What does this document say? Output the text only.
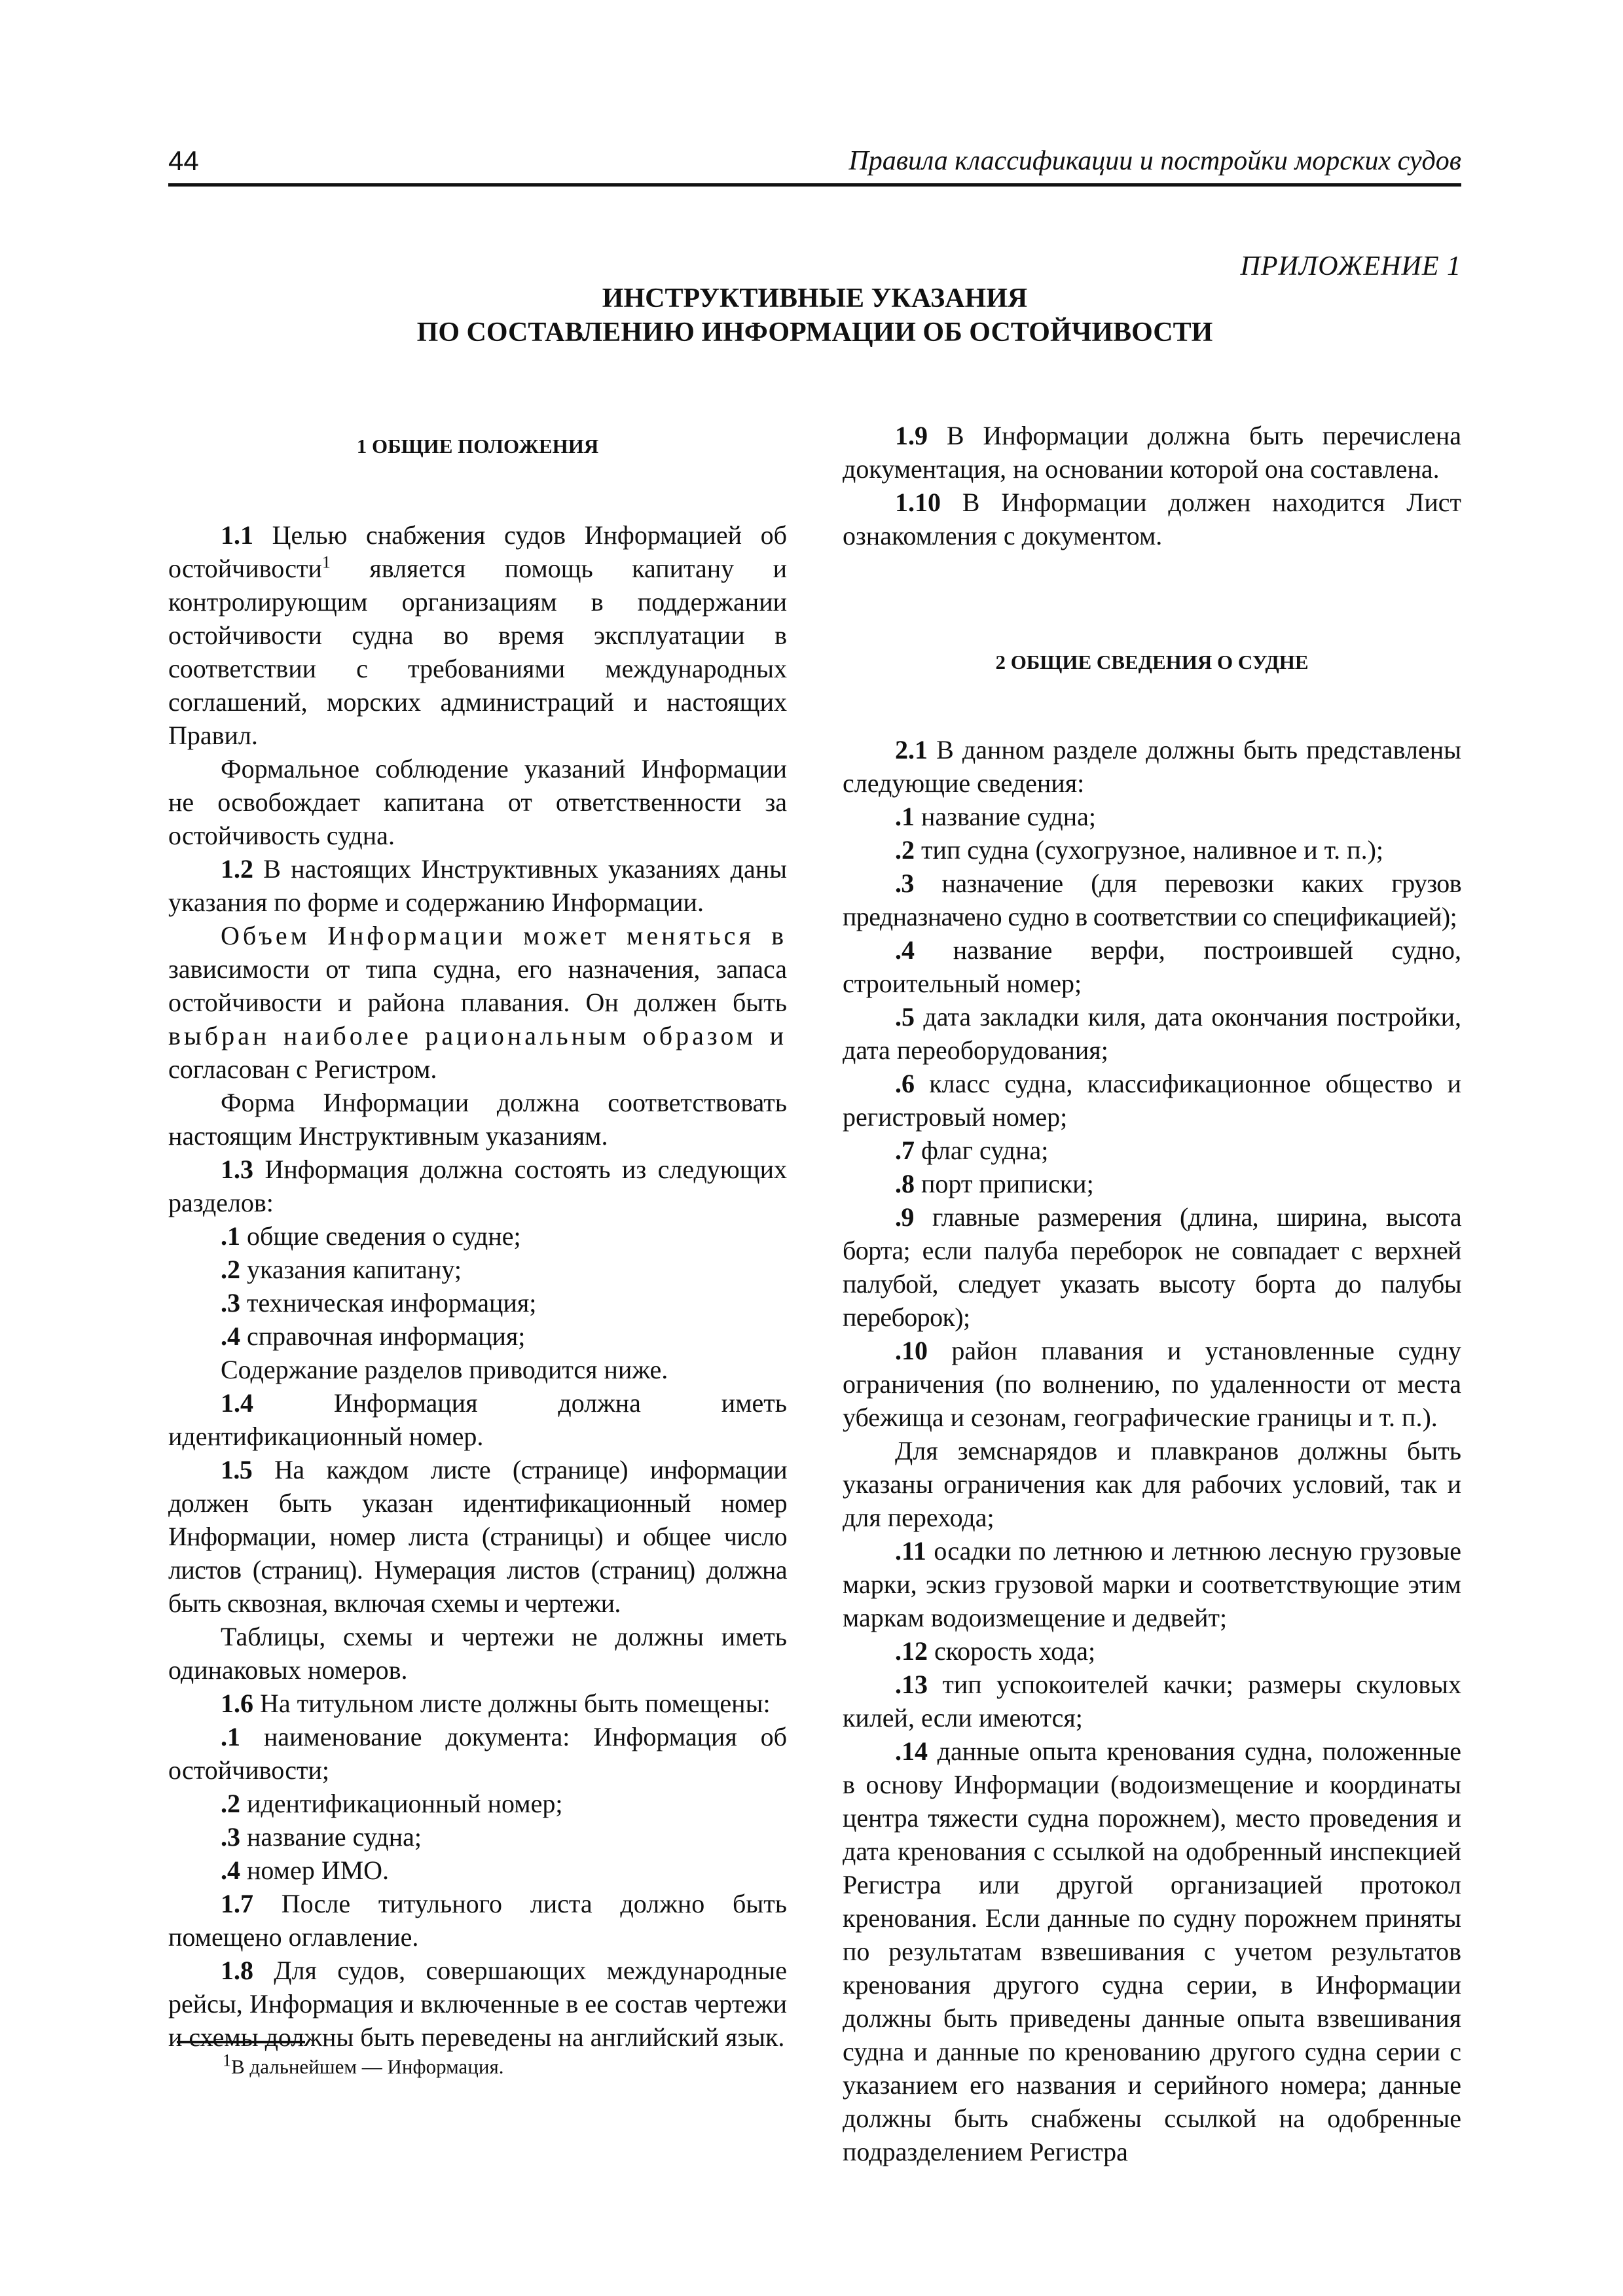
44	Правила классификации и постройки морских судов
ПРИЛОЖЕНИЕ 1
ИНСТРУКТИВНЫЕ УКАЗАНИЯ
ПО СОСТАВЛЕНИЮ ИНФОРМАЦИИ ОБ ОСТОЙЧИВОСТИ
1 ОБЩИЕ ПОЛОЖЕНИЯ

1.1 Целью снабжения судов Информацией об остойчивости$^1$ является помощь капитану и контролирующим организациям в поддержании остойчивости судна во время эксплуатации в соответствии с требованиями международных соглашений, морских администраций и настоящих Правил.

Формальное соблюдение указаний Информации не освобождает капитана от ответственности за остойчивость судна.

1.2 В настоящих Инструктивных указаниях даны указания по форме и содержанию Информации.

Объем Информации может меняться в зависимости от типа судна, его назначения, запаса остойчивости и района плавания. Он должен быть выбран наиболее рациональным образом и согласован с Регистром.

Форма Информации должна соответствовать настоящим Инструктивным указаниям.

1.3 Информация должна состоять из следующих разделов:

.1 общие сведения о судне;

.2 указания капитану;

.3 техническая информация;

.4 справочная информация;

Содержание разделов приводится ниже.

1.4 Информация должна иметь идентификационный номер.

1.5 На каждом листе (странице) информации должен быть указан идентификационный номер Информации, номер листа (страницы) и общее число листов (страниц). Нумерация листов (страниц) должна быть сквозная, включая схемы и чертежи.

Таблицы, схемы и чертежи не должны иметь одинаковых номеров.

1.6 На титульном листе должны быть помещены:

.1 наименование документа: Информация об остойчивости;

.2 идентификационный номер;

.3 название судна;

.4 номер ИМО.

1.7 После титульного листа должно быть помещено оглавление.

1.8 Для судов, совершающих международные рейсы, Информация и включенные в ее состав чертежи и схемы должны быть переведены на английский язык.

$^1$В дальнейшем — Информация.

1.9 В Информации должна быть перечислена документация, на основании которой она составлена.

1.10 В Информации должен находится Лист ознакомления с документом.

2 ОБЩИЕ СВЕДЕНИЯ О СУДНЕ

2.1 В данном разделе должны быть представлены следующие сведения:

.1 название судна;

.2 тип судна (сухогрузное, наливное и т. п.);

.3 назначение (для перевозки каких грузов предназначено судно в соответствии со спецификацией);

.4 название верфи, построившей судно, строительный номер;

.5 дата закладки киля, дата окончания постройки, дата переоборудования;

.6 класс судна, классификационное общество и регистровый номер;

.7 флаг судна;

.8 порт приписки;

.9 главные размерения (длина, ширина, высота борта; если палуба переборок не совпадает с верхней палубой, следует указать высоту борта до палубы переборок);

.10 район плавания и установленные судну ограничения (по волнению, по удаленности от места убежища и сезонам, географические границы и т. п.).

Для земснарядов и плавкранов должны быть указаны ограничения как для рабочих условий, так и для перехода;

.11 осадки по летнюю и летнюю лесную грузовые марки, эскиз грузовой марки и соответствующие этим маркам водоизмещение и дедвейт;

.12 скорость хода;

.13 тип успокоителей качки; размеры скуловых килей, если имеются;

.14 данные опыта кренования судна, положенные в основу Информации (водоизмещение и координаты центра тяжести судна порожнем), место проведения и дата кренования с ссылкой на одобренный инспекцией Регистра или другой организацией протокол кренования. Если данные по судну порожнем приняты по результатам взвешивания с учетом результатов кренования другого судна серии, в Информации должны быть приведены данные опыта взвешивания судна и данные по кренованию другого судна серии с указанием его названия и серийного номера; данные должны быть снабжены ссылкой на одобренные подразделением Регистра
